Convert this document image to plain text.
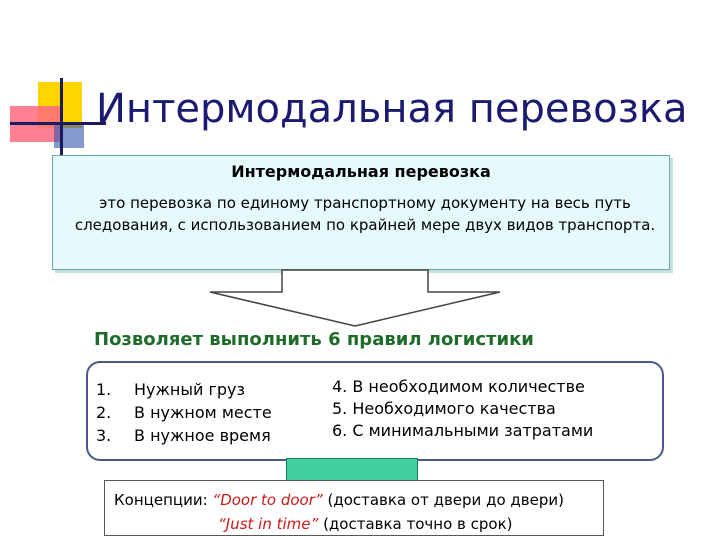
Интермодальная перевозка
Интермодальная перевозка
это перевозка по единому транспортному документу на весь путь следования, с использованием по крайней мере двух видов транспорта.
Позволяет выполнить 6 правил логистики
1. Нужный груз
2. В нужном месте
3. В нужное время
4. В необходимом количестве
5. Необходимого качества
6. С минимальными затратами
Концепции: “Door to door” (доставка от двери до двери)
“Just in time” (доставка точно в срок)
